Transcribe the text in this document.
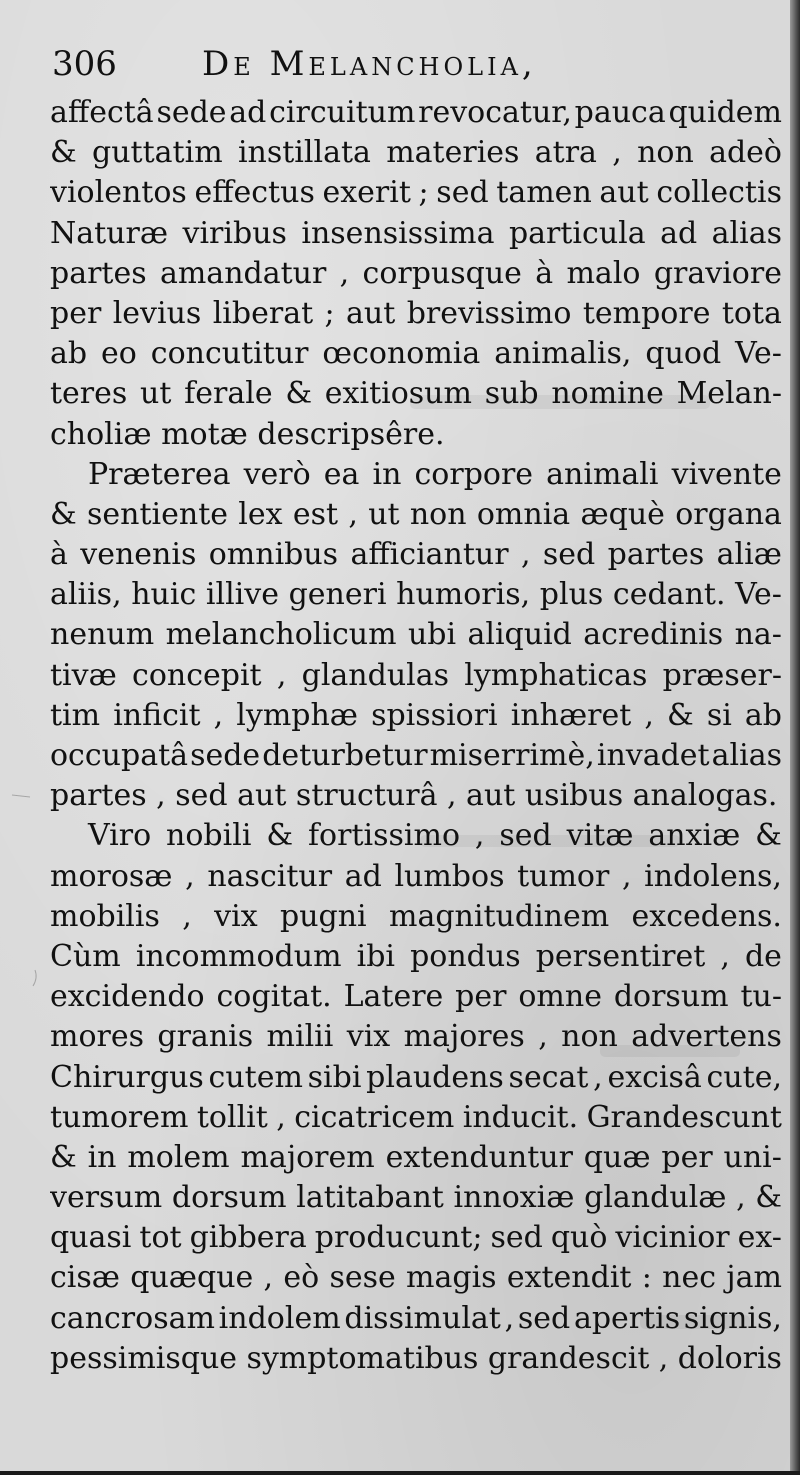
306	De Melancholia,
affectâ sede ad circuitum revocatur, pauca quidem
& guttatim instillata materies atra , non adeò
violentos effectus exerit ; sed tamen aut collectis
Naturæ viribus insensissima particula ad alias
partes amandatur , corpusque à malo graviore
per levius liberat ; aut brevissimo tempore tota
ab eo concutitur œconomia animalis, quod Ve-
teres ut ferale & exitiosum sub nomine Melan-
choliæ motæ descripsêre.
Præterea verò ea in corpore animali vivente
& sentiente lex est , ut non omnia æquè organa
à venenis omnibus afficiantur , sed partes aliæ
aliis, huic illive generi humoris, plus cedant. Ve-
nenum melancholicum ubi aliquid acredinis na-
tivæ concepit , glandulas lymphaticas præser-
tim inficit , lymphæ spissiori inhæret , & si ab
occupatâ sede deturbetur miserrimè, invadet alias
partes , sed aut structurâ , aut usibus analogas.
Viro nobili & fortissimo , sed vitæ anxiæ &
morosæ , nascitur ad lumbos tumor , indolens,
mobilis , vix pugni magnitudinem excedens.
Cùm incommodum ibi pondus persentiret , de
excidendo cogitat. Latere per omne dorsum tu-
mores granis milii vix majores , non advertens
Chirurgus cutem sibi plaudens secat , excisâ cute,
tumorem tollit , cicatricem inducit. Grandescunt
& in molem majorem extenduntur quæ per uni-
versum dorsum latitabant innoxiæ glandulæ , &
quasi tot gibbera producunt; sed quò vicinior ex-
cisæ quæque , eò sese magis extendit : nec jam
cancrosam indolem dissimulat , sed apertis signis,
pessimisque symptomatibus grandescit , doloris
